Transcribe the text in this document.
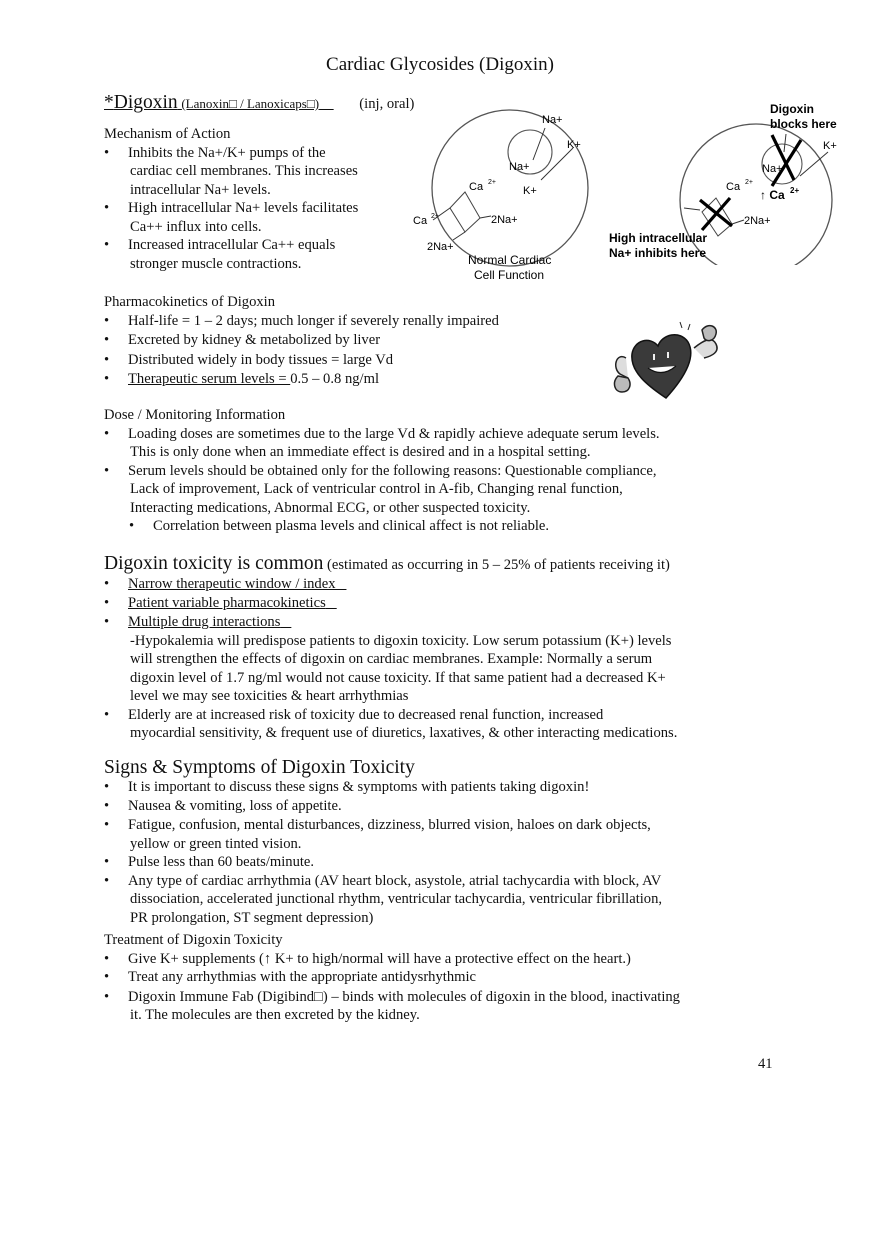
Cardiac Glycosides (Digoxin)
*Digoxin (Lanoxin□ / Lanoxicaps□)	(inj, oral)
Mechanism of Action
• Inhibits the Na+/K+ pumps of the
cardiac cell membranes. This increases
intracellular Na+ levels.
• High intracellular Na+ levels facilitates
Ca++ influx into cells.
• Increased intracellular Ca++ equals
stronger muscle contractions.
Na+
K+
Na+
K+
Ca 2+
Ca 2+	2Na+
2Na+
Normal Cardiac
Cell Function
Digoxin
blocks here
K+
Na+
Ca 2+
↑ Ca 2+
2Na+
High intracellular
Na+ inhibits here
Pharmacokinetics of Digoxin
• Half-life = 1 – 2 days; much longer if severely renally impaired
• Excreted by kidney & metabolized by liver
• Distributed widely in body tissues = large Vd
• Therapeutic serum levels = 0.5 – 0.8 ng/ml
Dose / Monitoring Information
• Loading doses are sometimes due to the large Vd & rapidly achieve adequate serum levels.
This is only done when an immediate effect is desired and in a hospital setting.
• Serum levels should be obtained only for the following reasons: Questionable compliance,
Lack of improvement, Lack of ventricular control in A-fib, Changing renal function,
Interacting medications, Abnormal ECG, or other suspected toxicity.
• Correlation between plasma levels and clinical affect is not reliable.
Digoxin toxicity is common (estimated as occurring in 5 – 25% of patients receiving it)
• Narrow therapeutic window / index
• Patient variable pharmacokinetics
• Multiple drug interactions
-Hypokalemia will predispose patients to digoxin toxicity. Low serum potassium (K+) levels
will strengthen the effects of digoxin on cardiac membranes. Example: Normally a serum
digoxin level of 1.7 ng/ml would not cause toxicity. If that same patient had a decreased K+
level we may see toxicities & heart arrhythmias
• Elderly are at increased risk of toxicity due to decreased renal function, increased
myocardial sensitivity, & frequent use of diuretics, laxatives, & other interacting medications.
Signs & Symptoms of Digoxin Toxicity
• It is important to discuss these signs & symptoms with patients taking digoxin!
• Nausea & vomiting, loss of appetite.
• Fatigue, confusion, mental disturbances, dizziness, blurred vision, haloes on dark objects,
yellow or green tinted vision.
• Pulse less than 60 beats/minute.
• Any type of cardiac arrhythmia (AV heart block, asystole, atrial tachycardia with block, AV
dissociation, accelerated junctional rhythm, ventricular tachycardia, ventricular fibrillation,
PR prolongation, ST segment depression)
Treatment of Digoxin Toxicity
• Give K+ supplements (↑ K+ to high/normal will have a protective effect on the heart.)
• Treat any arrhythmias with the appropriate antidysrhythmic
• Digoxin Immune Fab (Digibind□) – binds with molecules of digoxin in the blood, inactivating
it. The molecules are then excreted by the kidney.
41
